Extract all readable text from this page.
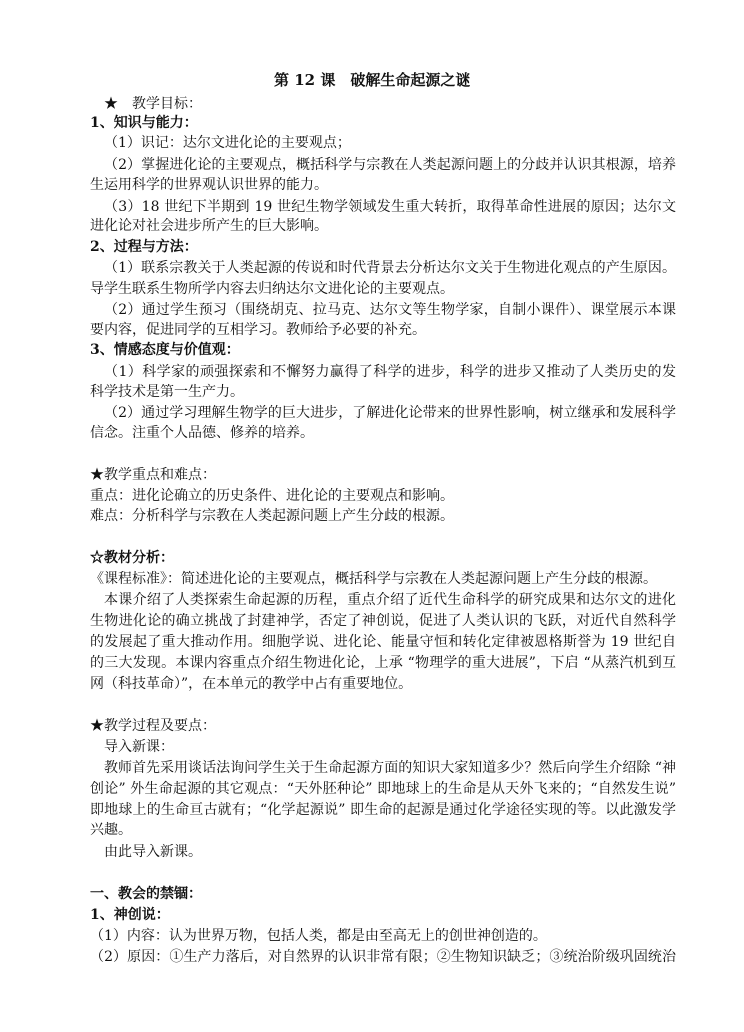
第 12 课　破解生命起源之谜
★　教学目标：
1、知识与能力：
（1）识记：达尔文进化论的主要观点；
（2）掌握进化论的主要观点，概括科学与宗教在人类起源问题上的分歧并认识其根源，培养
生运用科学的世界观认识世界的能力。
（3）18 世纪下半期到 19 世纪生物学领域发生重大转折，取得革命性进展的原因；达尔文
进化论对社会进步所产生的巨大影响。
2、过程与方法：
（1）联系宗教关于人类起源的传说和时代背景去分析达尔文关于生物进化观点的产生原因。
导学生联系生物所学内容去归纳达尔文进化论的主要观点。
（2）通过学生预习（围绕胡克、拉马克、达尔文等生物学家，自制小课件）、课堂展示本课
要内容，促进同学的互相学习。教师给予必要的补充。
3、情感态度与价值观：
（1）科学家的顽强探索和不懈努力赢得了科学的进步，科学的进步又推动了人类历史的发
科学技术是第一生产力。
（2）通过学习理解生物学的巨大进步，了解进化论带来的世界性影响，树立继承和发展科学
信念。注重个人品德、修养的培养。
★教学重点和难点：
重点：进化论确立的历史条件、进化论的主要观点和影响。
难点：分析科学与宗教在人类起源问题上产生分歧的根源。
☆教材分析：
《课程标准》：简述进化论的主要观点，概括科学与宗教在人类起源问题上产生分歧的根源。
本课介绍了人类探索生命起源的历程，重点介绍了近代生命科学的研究成果和达尔文的进化
生物进化论的确立挑战了封建神学，否定了神创说，促进了人类认识的飞跃，对近代自然科学
的发展起了重大推动作用。细胞学说、进化论、能量守恒和转化定律被恩格斯誉为 19 世纪自
的三大发现。本课内容重点介绍生物进化论，上承 “物理学的重大进展”，下启 “从蒸汽机到互
网（科技革命）”，在本单元的教学中占有重要地位。
★教学过程及要点：
导入新课：
教师首先采用谈话法询问学生关于生命起源方面的知识大家知道多少？然后向学生介绍除 “神
创论” 外生命起源的其它观点：“天外胚种论” 即地球上的生命是从天外飞来的；“自然发生说”
即地球上的生命亘古就有；“化学起源说” 即生命的起源是通过化学途径实现的等。以此激发学
兴趣。
由此导入新课。
一、教会的禁锢：
1、神创说：
（1）内容：认为世界万物，包括人类，都是由至高无上的创世神创造的。
（2）原因：①生产力落后，对自然界的认识非常有限；②生物知识缺乏；③统治阶级巩固统治
